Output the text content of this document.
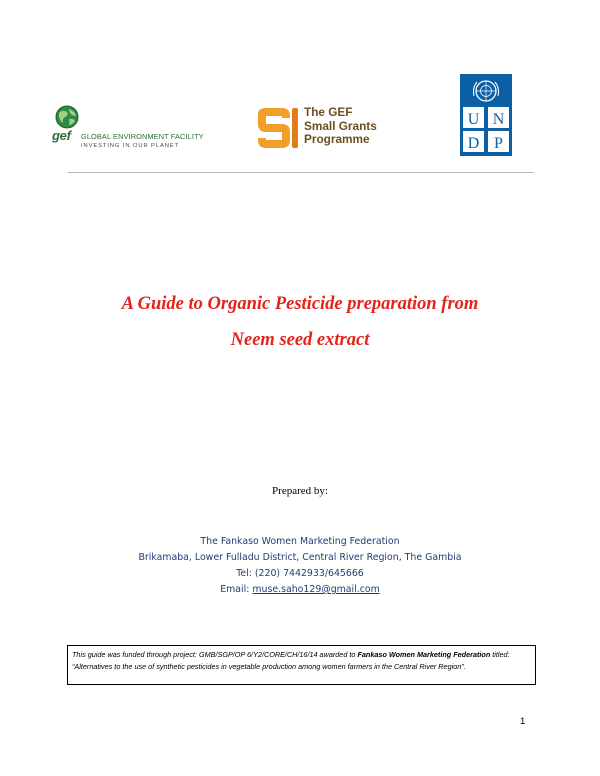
gef GLOBAL ENVIRONMENT FACILITY
INVESTING IN OUR PLANET
The GEF
Small Grants
Programme
U N
D P
A Guide to Organic Pesticide preparation from
Neem seed extract
Prepared by:
The Fankaso Women Marketing Federation
Brikamaba, Lower Fulladu District, Central River Region, The Gambia
Tel: (220) 7442933/645666
Email: muse.saho129@gmail.com
This guide was funded through project: GMB/SGP/OP 6/Y2/CORE/CH/16/14 awarded to Fankaso Women Marketing Federation titled: “Alternatives to the use of synthetic pesticides in vegetable production among women farmers in the Central River Region”.
1
